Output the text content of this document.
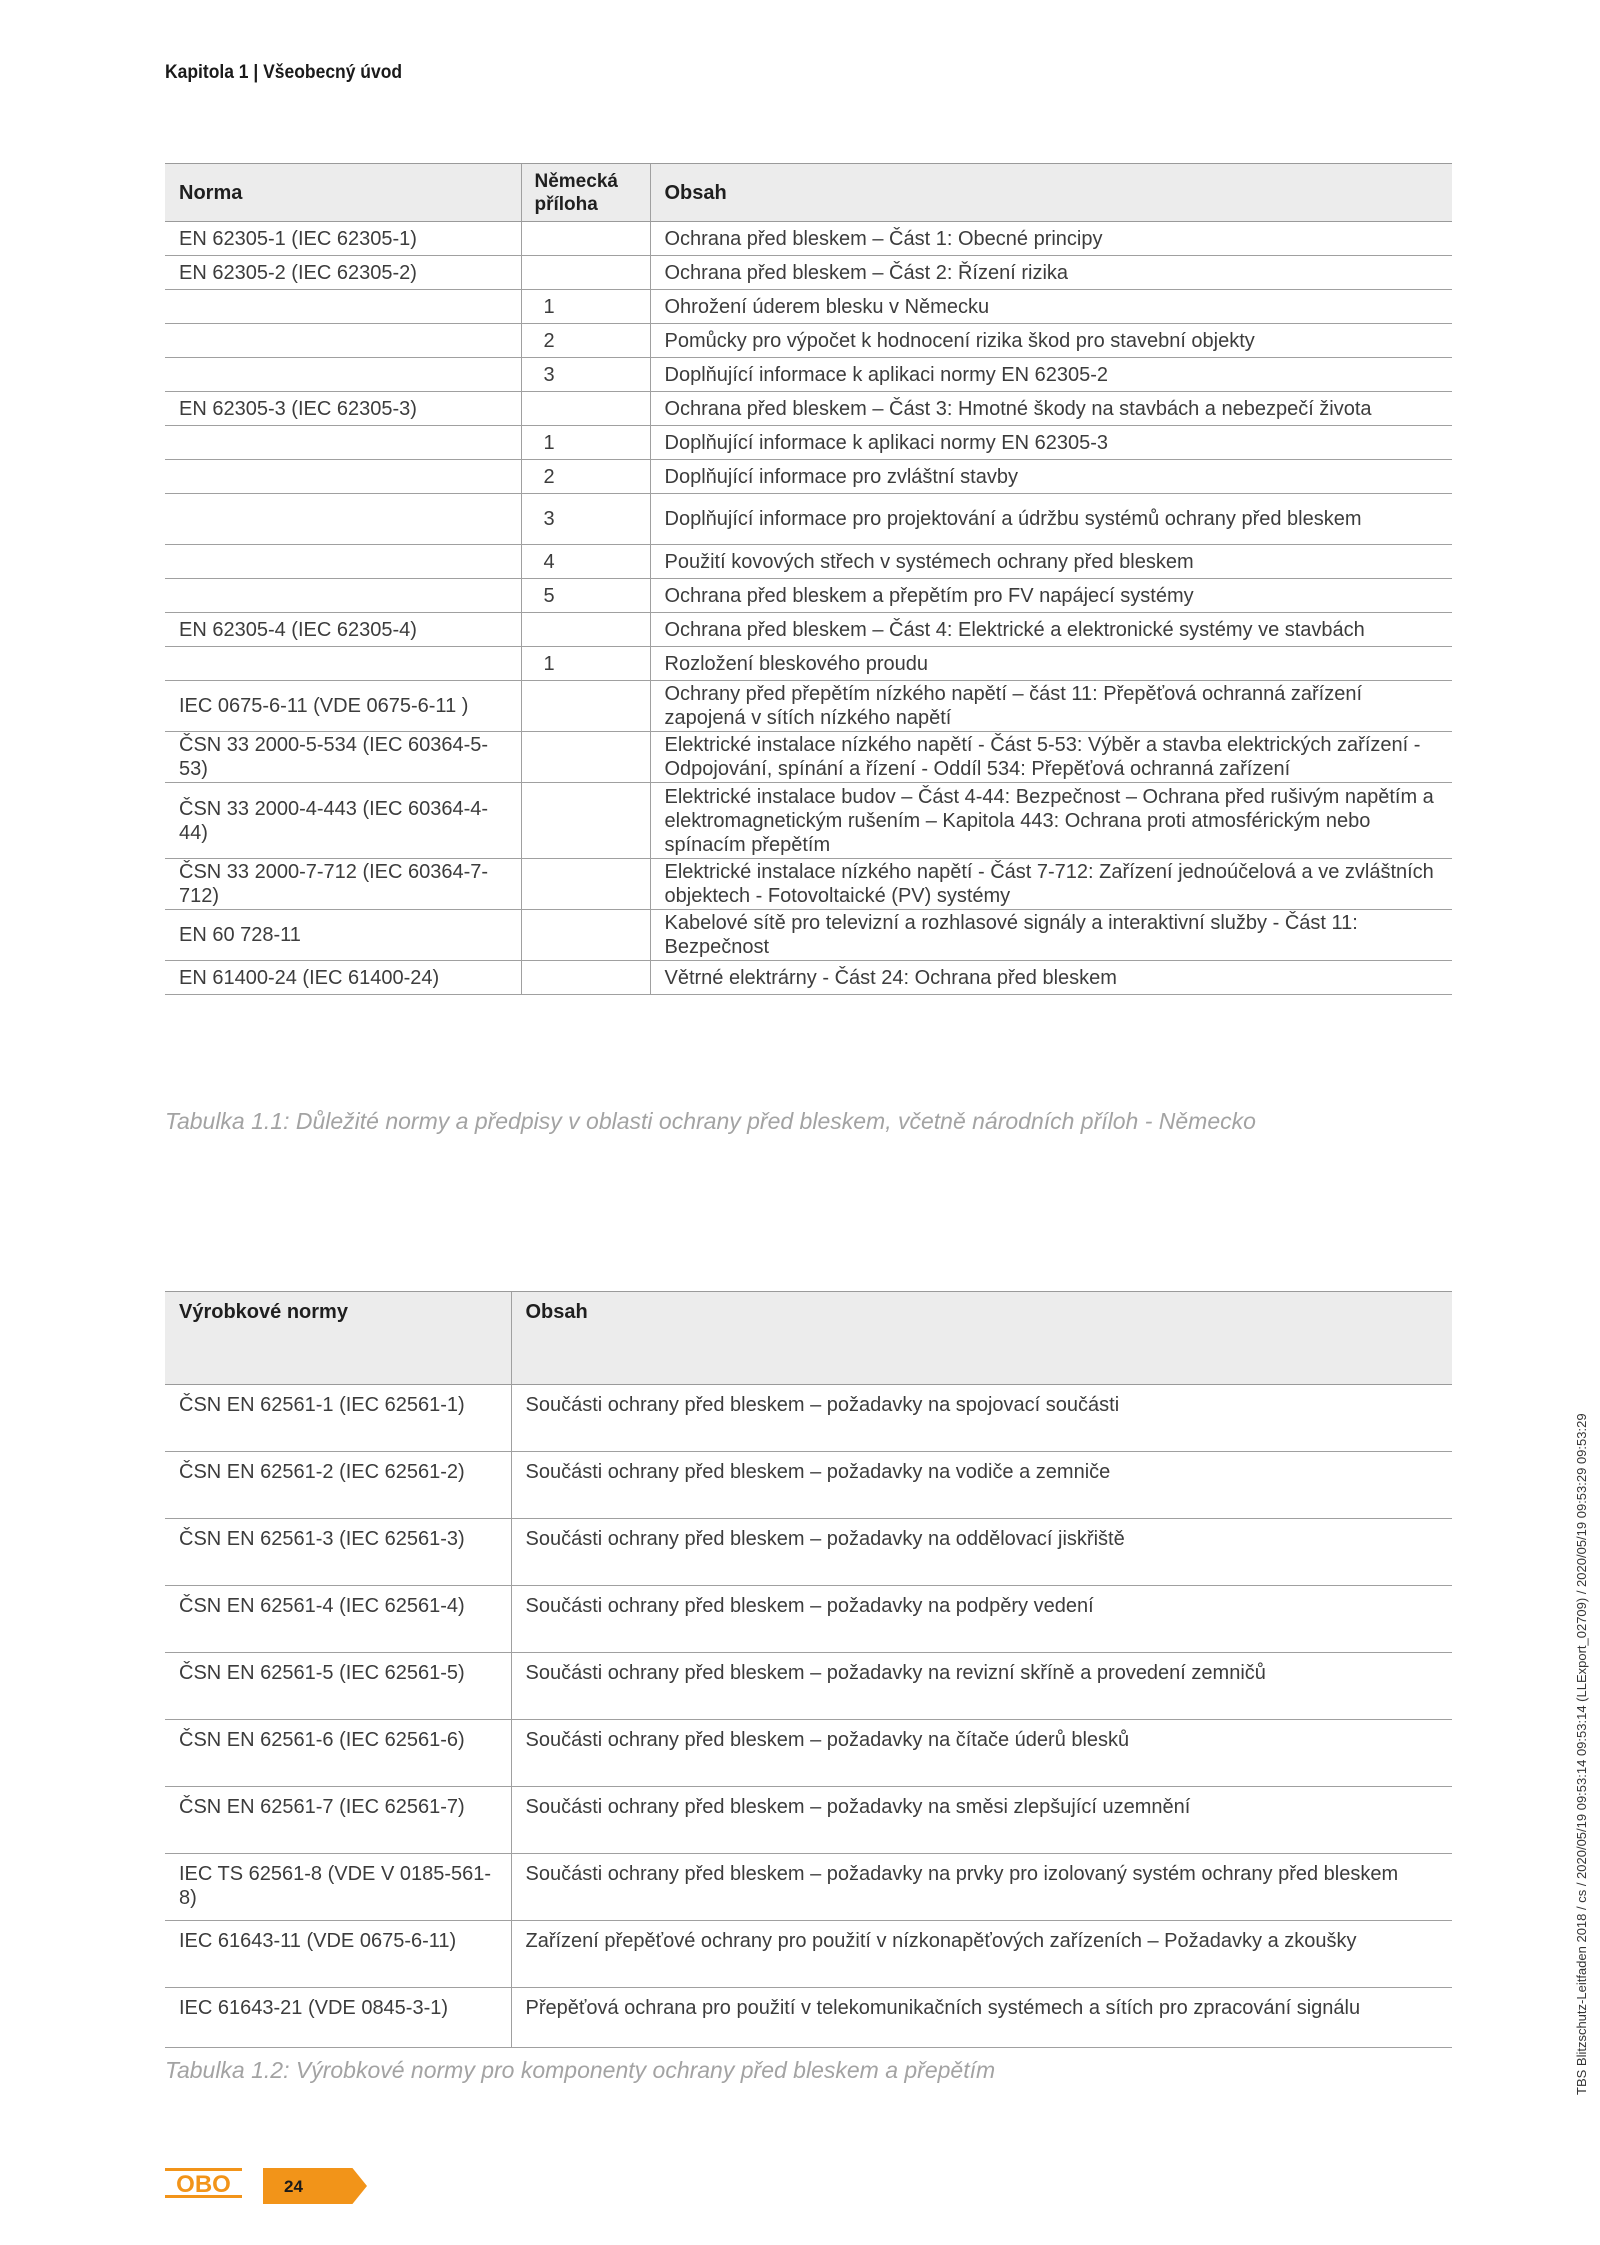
Kapitola 1 | Všeobecný úvod
Norma	Německá příloha	Obsah
EN 62305-1 (IEC 62305-1)		Ochrana před bleskem – Část 1: Obecné principy
EN 62305-2 (IEC 62305-2)		Ochrana před bleskem – Část 2: Řízení rizika
	1	Ohrožení úderem blesku v Německu
	2	Pomůcky pro výpočet k hodnocení rizika škod pro stavební objekty
	3	Doplňující informace k aplikaci normy EN 62305-2
EN 62305-3 (IEC 62305-3)		Ochrana před bleskem – Část 3: Hmotné škody na stavbách a nebezpečí života
	1	Doplňující informace k aplikaci normy EN 62305-3
	2	Doplňující informace pro zvláštní stavby
	3	Doplňující informace pro projektování a údržbu systémů ochrany před bleskem
	4	Použití kovových střech v systémech ochrany před bleskem
	5	Ochrana před bleskem a přepětím pro FV napájecí systémy
EN 62305-4 (IEC 62305-4)		Ochrana před bleskem – Část 4: Elektrické a elektronické systémy ve stavbách
	1	Rozložení bleskového proudu
IEC 0675-6-11 (VDE 0675-6-11 )		Ochrany před přepětím nízkého napětí – část 11: Přepěťová ochranná zařízení zapojená v sítích nízkého napětí
ČSN 33 2000-5-534 (IEC 60364-5-53)		Elektrické instalace nízkého napětí - Část 5-53: Výběr a stavba elektrických zařízení - Odpojování, spínání a řízení - Oddíl 534: Přepěťová ochranná zařízení
ČSN 33 2000-4-443 (IEC 60364-4-44)		Elektrické instalace budov – Část 4-44: Bezpečnost – Ochrana před rušivým napětím a elektromagnetickým rušením – Kapitola 443: Ochrana proti atmosférickým nebo spínacím přepětím
ČSN 33 2000-7-712 (IEC 60364-7-712)		Elektrické instalace nízkého napětí - Část 7-712: Zařízení jednoúčelová a ve zvláštních objektech - Fotovoltaické (PV) systémy
EN 60 728-11		Kabelové sítě pro televizní a rozhlasové signály a interaktivní služby - Část 11: Bezpečnost
EN 61400-24 (IEC 61400-24)		Větrné elektrárny - Část 24: Ochrana před bleskem
Tabulka 1.1: Důležité normy a předpisy v oblasti ochrany před bleskem, včetně národních příloh - Německo
Výrobkové normy	Obsah
ČSN EN 62561-1 (IEC 62561-1)	Součásti ochrany před bleskem – požadavky na spojovací součásti
ČSN EN 62561-2 (IEC 62561-2)	Součásti ochrany před bleskem – požadavky na vodiče a zemniče
ČSN EN 62561-3 (IEC 62561-3)	Součásti ochrany před bleskem – požadavky na oddělovací jiskřiště
ČSN EN 62561-4 (IEC 62561-4)	Součásti ochrany před bleskem – požadavky na podpěry vedení
ČSN EN 62561-5 (IEC 62561-5)	Součásti ochrany před bleskem – požadavky na revizní skříně a provedení zemničů
ČSN EN 62561-6 (IEC 62561-6)	Součásti ochrany před bleskem – požadavky na čítače úderů blesků
ČSN EN 62561-7 (IEC 62561-7)	Součásti ochrany před bleskem – požadavky na směsi zlepšující uzemnění
IEC TS 62561-8 (VDE V 0185-561-8)	Součásti ochrany před bleskem – požadavky na prvky pro izolovaný systém ochrany před bleskem
IEC 61643-11 (VDE 0675-6-11)	Zařízení přepěťové ochrany pro použití v nízkonapěťových zařízeních – Požadavky a zkoušky
IEC 61643-21 (VDE 0845-3-1)	Přepěťová ochrana pro použití v telekomunikačních systémech a sítích pro zpracování signálu
Tabulka 1.2: Výrobkové normy pro komponenty ochrany před bleskem a přepětím	TBS Blitzschutz-Leitfaden 2018 / cs / 2020/05/19 09:53:14 09:53:14 (LLExport_02709) / 2020/05/19 09:53:29 09:53:29
OBO	24
